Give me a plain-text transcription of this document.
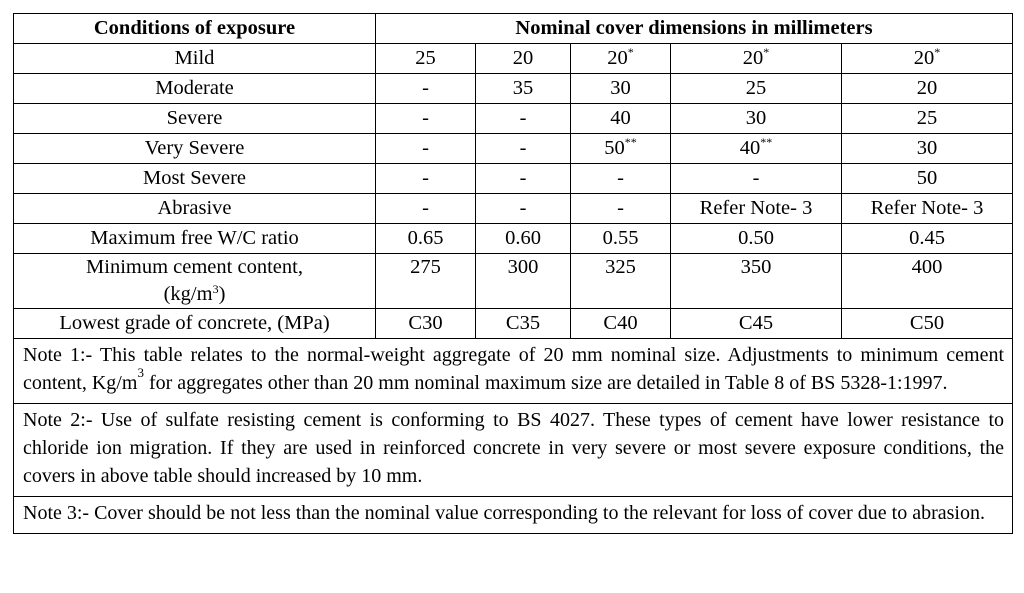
Conditions of exposure	Nominal cover dimensions in millimeters				
Mild	25	20	20*	20*	20*
Moderate	-	35	30	25	20
Severe	-	-	40	30	25
Very Severe	-	-	50**	40**	30
Most Severe	-	-	-	-	50
Abrasive	-	-	-	Refer Note- 3	Refer Note- 3
Maximum free W/C ratio	0.65	0.60	0.55	0.50	0.45
Minimum cement content,
$(kg/m^3)$	275	300	325	350	400
Lowest grade of concrete, (MPa)	C30	C35	C40	C45	C50

Note 1:- This table relates to the normal-weight aggregate of 20 mm nominal size. Adjustments to minimum cement content, $Kg/m^3$ for aggregates other than 20 mm nominal maximum size are detailed in Table 8 of BS 5328-1:1997.					

Note 2:- Use of sulfate resisting cement is conforming to BS 4027. These types of cement have lower resistance to chloride ion migration. If they are used in reinforced concrete in very severe or most severe exposure conditions, the covers in above table should increased by 10 mm.					

Note 3:- Cover should be not less than the nominal value corresponding to the relevant for loss of cover due to abrasion.					
